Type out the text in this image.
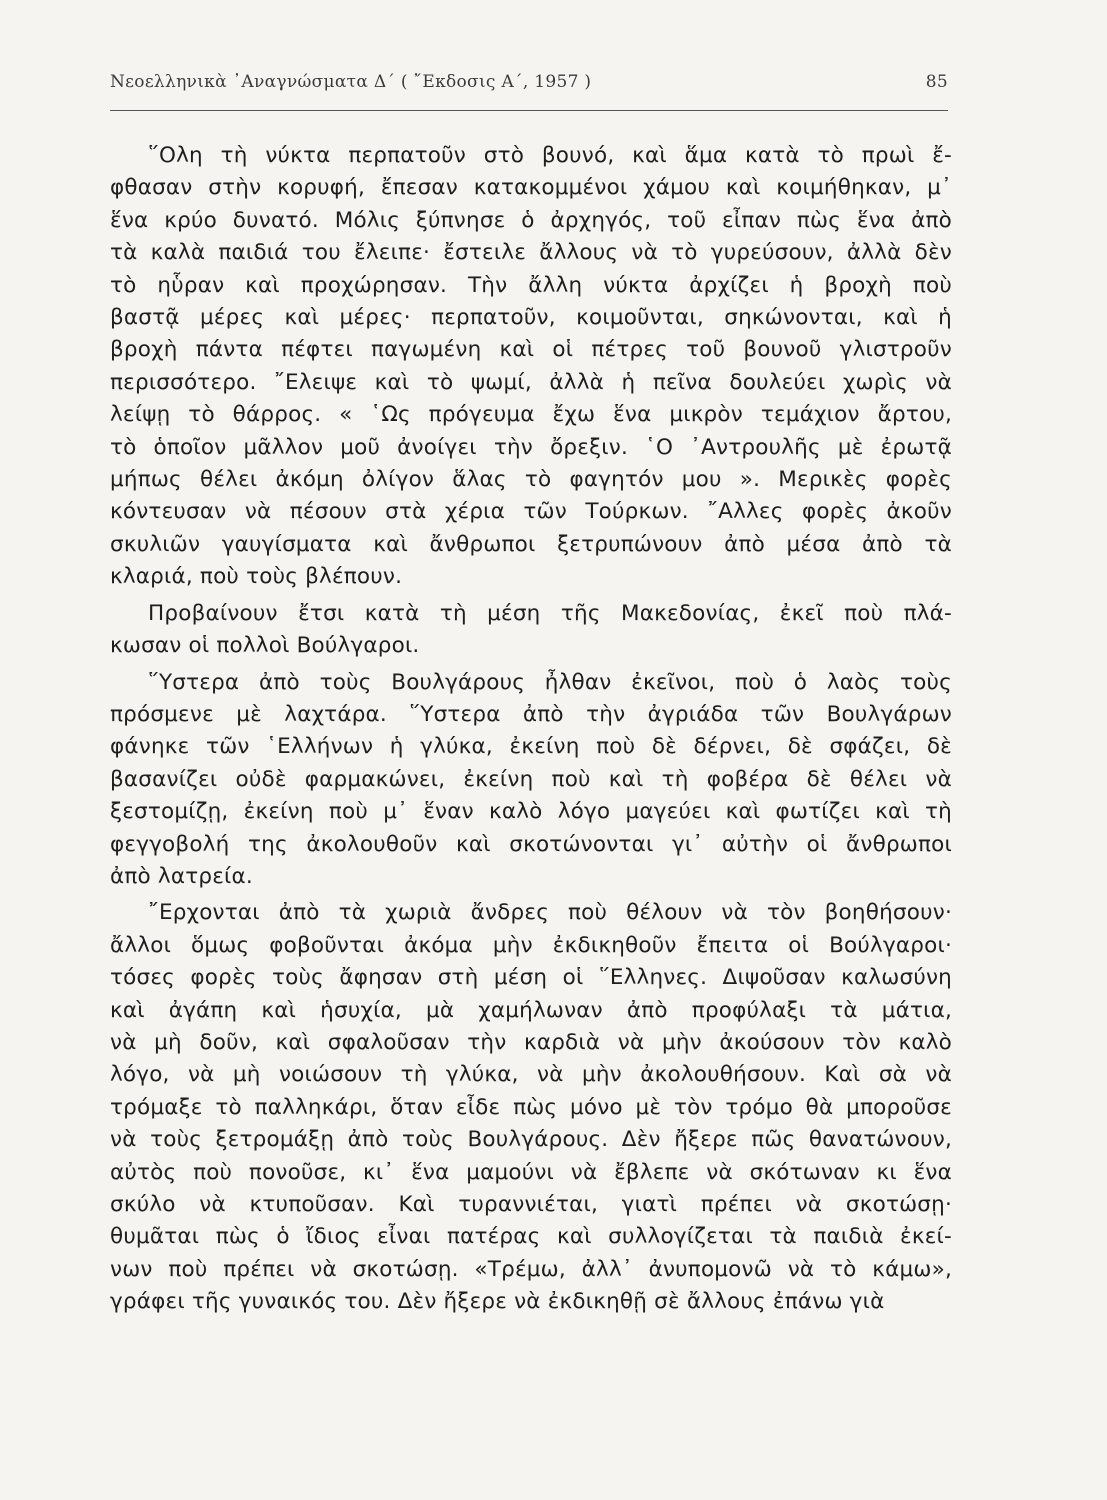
Νεοελληνικὰ ᾿Αναγνώσματα Δ΄ ( ῎Εκδοσις Α΄, 1957 )	85

῞Ολη τὴ νύκτα περπατοῦν στὸ βουνό, καὶ ἅμα κατὰ τὸ πρωὶ ἔ-
φθασαν στὴν κορυφή, ἔπεσαν κατακομμένοι χάμου καὶ κοιμήθηκαν, μ᾿
ἕνα κρύο δυνατό. Μόλις ξύπνησε ὁ ἀρχηγός, τοῦ εἶπαν πὼς ἕνα ἀπὸ
τὰ καλὰ παιδιά του ἔλειπε· ἔστειλε ἄλλους νὰ τὸ γυρεύσουν, ἀλλὰ δὲν
τὸ ηὗραν καὶ προχώρησαν. Τὴν ἄλλη νύκτα ἀρχίζει ἡ βροχὴ ποὺ
βαστᾷ μέρες καὶ μέρες· περπατοῦν, κοιμοῦνται, σηκώνονται, καὶ ἡ
βροχὴ πάντα πέφτει παγωμένη καὶ οἱ πέτρες τοῦ βουνοῦ γλιστροῦν
περισσότερο. ῎Ελειψε καὶ τὸ ψωμί, ἀλλὰ ἡ πεῖνα δουλεύει χωρὶς νὰ
λείψῃ τὸ θάρρος. « ῾Ως πρόγευμα ἔχω ἕνα μικρὸν τεμάχιον ἄρτου,
τὸ ὁποῖον μᾶλλον μοῦ ἀνοίγει τὴν ὄρεξιν. ῾Ο ᾿Αντρουλῆς μὲ ἐρωτᾷ
μήπως θέλει ἀκόμη ὀλίγον ἅλας τὸ φαγητόν μου ». Μερικὲς φορὲς
κόντευσαν νὰ πέσουν στὰ χέρια τῶν Τούρκων. ῎Αλλες φορὲς ἀκοῦν
σκυλιῶν γαυγίσματα καὶ ἄνθρωποι ξετρυπώνουν ἀπὸ μέσα ἀπὸ τὰ
κλαριά, ποὺ τοὺς βλέπουν.

Προβαίνουν ἔτσι κατὰ τὴ μέση τῆς Μακεδονίας, ἐκεῖ ποὺ πλά-
κωσαν οἱ πολλοὶ Βούλγαροι.

῞Υστερα ἀπὸ τοὺς Βουλγάρους ἦλθαν ἐκεῖνοι, ποὺ ὁ λαὸς τοὺς
πρόσμενε μὲ λαχτάρα. ῞Υστερα ἀπὸ τὴν ἀγριάδα τῶν Βουλγάρων
φάνηκε τῶν ῾Ελλήνων ἡ γλύκα, ἐκείνη ποὺ δὲ δέρνει, δὲ σφάζει, δὲ
βασανίζει οὐδὲ φαρμακώνει, ἐκείνη ποὺ καὶ τὴ φοβέρα δὲ θέλει νὰ
ξεστομίζῃ, ἐκείνη ποὺ μ᾿ ἕναν καλὸ λόγο μαγεύει καὶ φωτίζει καὶ τὴ
φεγγοβολή της ἀκολουθοῦν καὶ σκοτώνονται γι᾿ αὐτὴν οἱ ἄνθρωποι
ἀπὸ λατρεία.

῎Ερχονται ἀπὸ τὰ χωριὰ ἄνδρες ποὺ θέλουν νὰ τὸν βοηθήσουν·
ἄλλοι ὅμως φοβοῦνται ἀκόμα μὴν ἐκδικηθοῦν ἔπειτα οἱ Βούλγαροι·
τόσες φορὲς τοὺς ἄφησαν στὴ μέση οἱ ῞Ελληνες. Διψοῦσαν καλωσύνη
καὶ ἀγάπη καὶ ἡσυχία, μὰ χαμήλωναν ἀπὸ προφύλαξι τὰ μάτια,
νὰ μὴ δοῦν, καὶ σφαλοῦσαν τὴν καρδιὰ νὰ μὴν ἀκούσουν τὸν καλὸ
λόγο, νὰ μὴ νοιώσουν τὴ γλύκα, νὰ μὴν ἀκολουθήσουν. Καὶ σὰ νὰ
τρόμαξε τὸ παλληκάρι, ὅταν εἶδε πὼς μόνο μὲ τὸν τρόμο θὰ μποροῦσε
νὰ τοὺς ξετρομάξῃ ἀπὸ τοὺς Βουλγάρους. Δὲν ἤξερε πῶς θανατώνουν,
αὐτὸς ποὺ πονοῦσε, κι᾿ ἕνα μαμούνι νὰ ἔβλεπε νὰ σκότωναν κι ἕνα
σκύλο νὰ κτυποῦσαν. Καὶ τυραννιέται, γιατὶ πρέπει νὰ σκοτώσῃ·
θυμᾶται πὼς ὁ ἴδιος εἶναι πατέρας καὶ συλλογίζεται τὰ παιδιὰ ἐκεί-
νων ποὺ πρέπει νὰ σκοτώσῃ. «Τρέμω, ἀλλ᾿ ἀνυπομονῶ νὰ τὸ κάμω»,
γράφει τῆς γυναικός του. Δὲν ἤξερε νὰ ἐκδικηθῇ σὲ ἄλλους ἐπάνω γιὰ
